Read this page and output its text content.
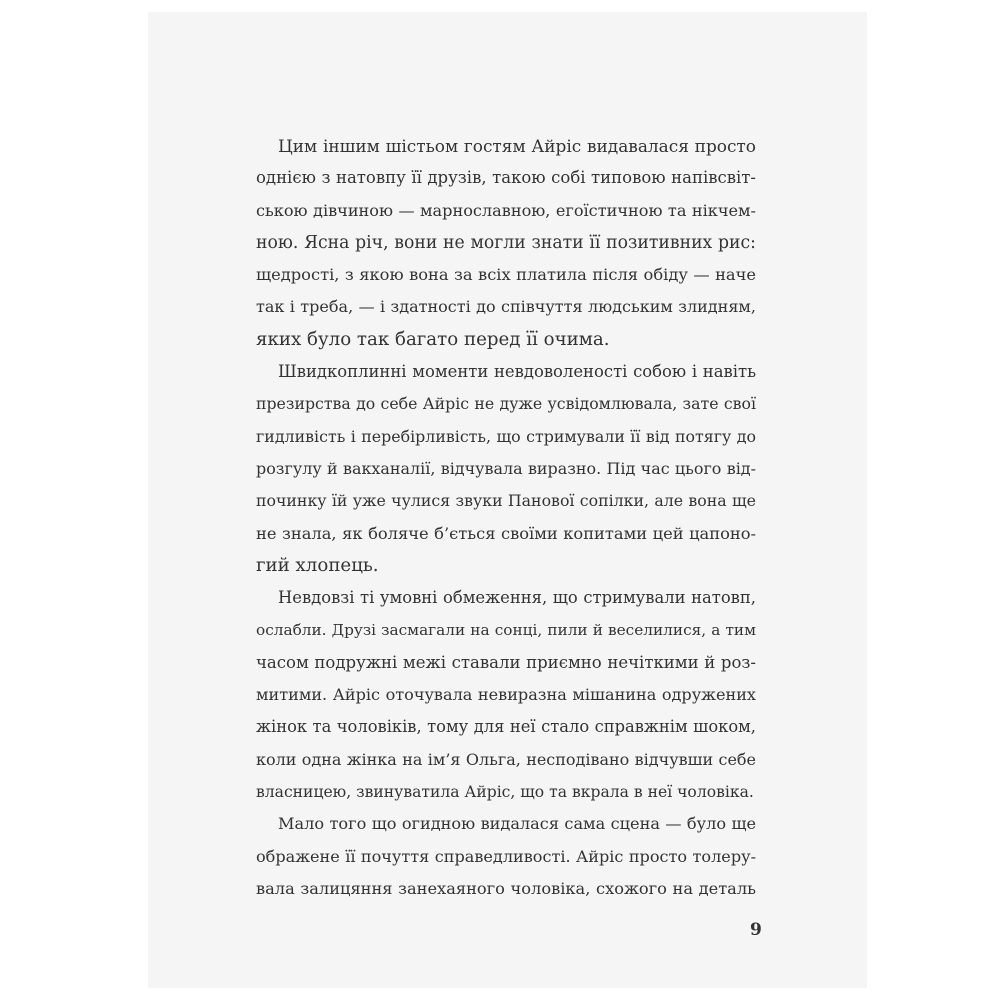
Цим іншим шістьом гостям Айріс видавалася просто
однією з натовпу її друзів, такою собі типовою напівсвіт-
ською дівчиною — марнославною, егоїстичною та нікчем-
ною. Ясна річ, вони не могли знати її позитивних рис:
щедрості, з якою вона за всіх платила після обіду — наче
так і треба, — і здатності до співчуття людським злидням,
яких було так багато перед її очима.

Швидкоплинні моменти невдоволеності собою і навіть
презирства до себе Айріс не дуже усвідомлювала, зате свої
гидливість і перебірливість, що стримували її від потягу до
розгулу й вакханалії, відчувала виразно. Під час цього від-
починку їй уже чулися звуки Панової сопілки, але вона ще
не знала, як боляче б’ється своїми копитами цей цапоно-
гий хлопець.

Невдовзі ті умовні обмеження, що стримували натовп,
ослабли. Друзі засмагали на сонці, пили й веселилися, а тим
часом подружні межі ставали приємно нечіткими й роз-
митими. Айріс оточувала невиразна мішанина одружених
жінок та чоловіків, тому для неї стало справжнім шоком,
коли одна жінка на ім’я Ольга, несподівано відчувши себе
власницею, звинуватила Айріс, що та вкрала в неї чоловіка.

Мало того що огидною видалася сама сцена — було ще
ображене її почуття справедливості. Айріс просто толеру-
вала залицяння занехаяного чоловіка, схожого на деталь

9
